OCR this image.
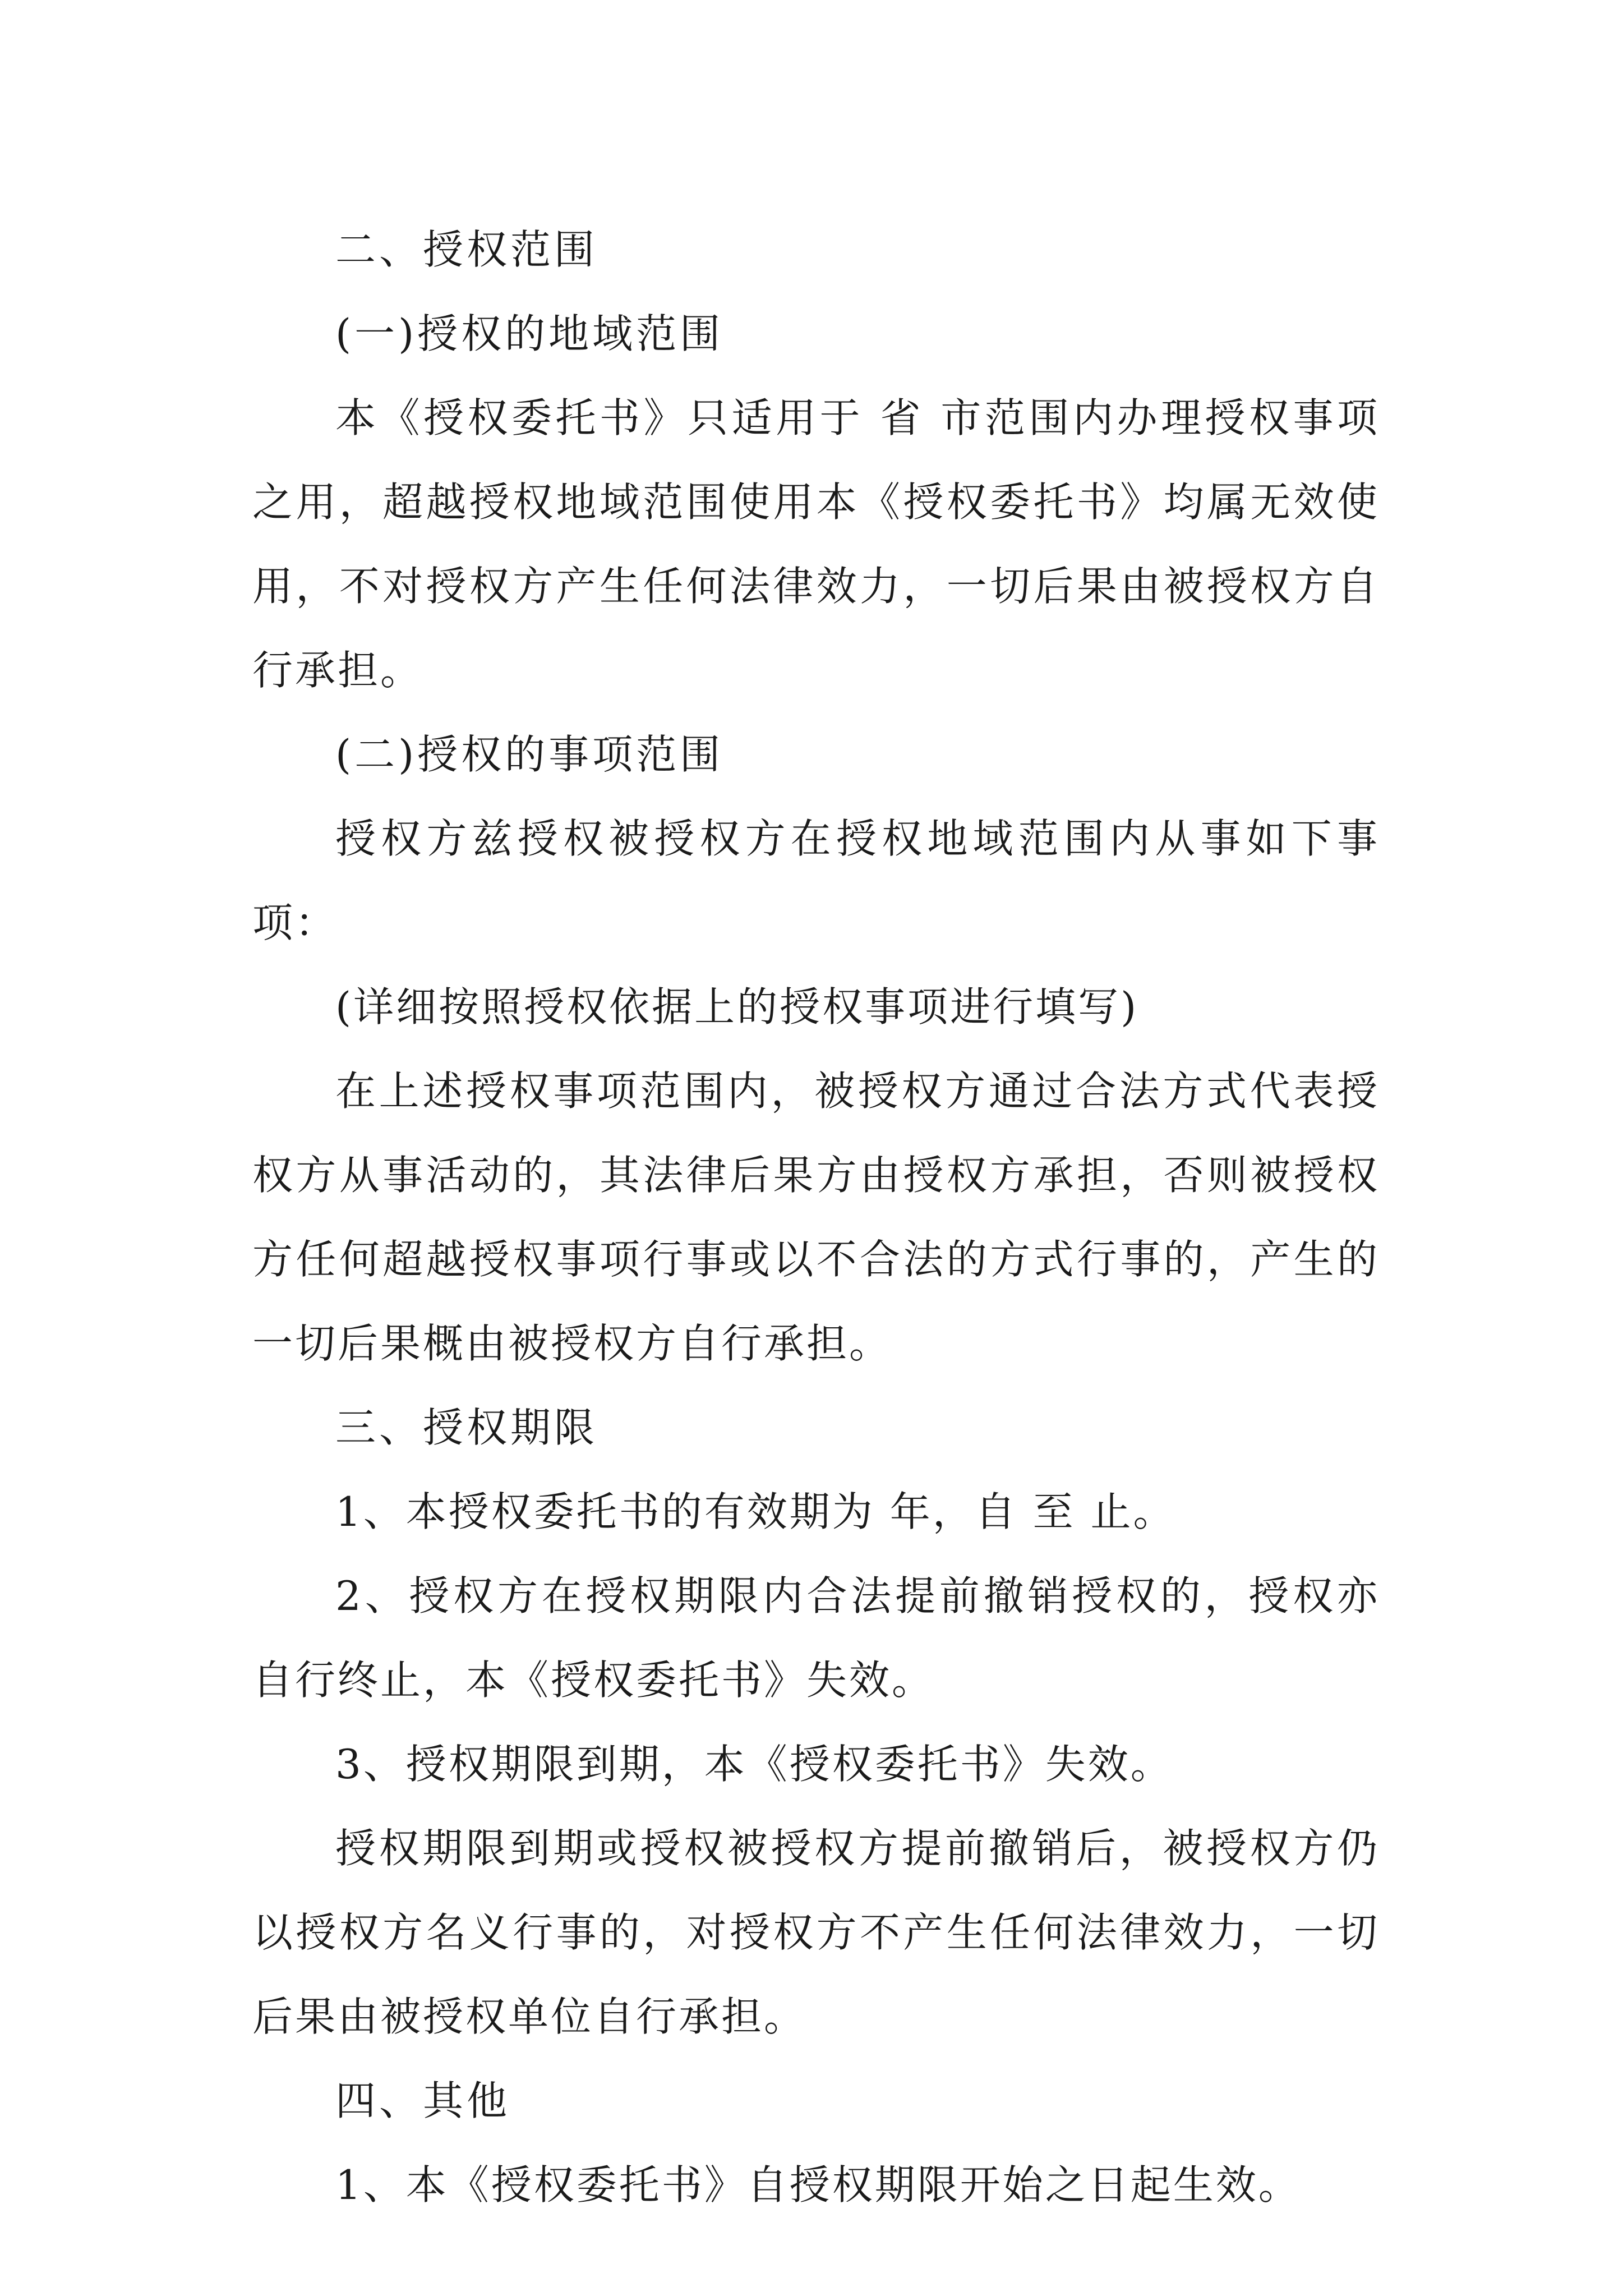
二、授权范围

(一)授权的地域范围

本《授权委托书》只适用于 省 市范围内办理授权事项之用，超越授权地域范围使用本《授权委托书》均属无效使用，不对授权方产生任何法律效力，一切后果由被授权方自行承担。

(二)授权的事项范围

授权方兹授权被授权方在授权地域范围内从事如下事项：

(详细按照授权依据上的授权事项进行填写)

在上述授权事项范围内，被授权方通过合法方式代表授权方从事活动的，其法律后果方由授权方承担，否则被授权方任何超越授权事项行事或以不合法的方式行事的，产生的一切后果概由被授权方自行承担。

三、授权期限

1、本授权委托书的有效期为 年，自 至 止。

2、授权方在授权期限内合法提前撤销授权的，授权亦自行终止，本《授权委托书》失效。

3、授权期限到期，本《授权委托书》失效。

授权期限到期或授权被授权方提前撤销后，被授权方仍以授权方名义行事的，对授权方不产生任何法律效力，一切后果由被授权单位自行承担。

四、其他

1、本《授权委托书》自授权期限开始之日起生效。
